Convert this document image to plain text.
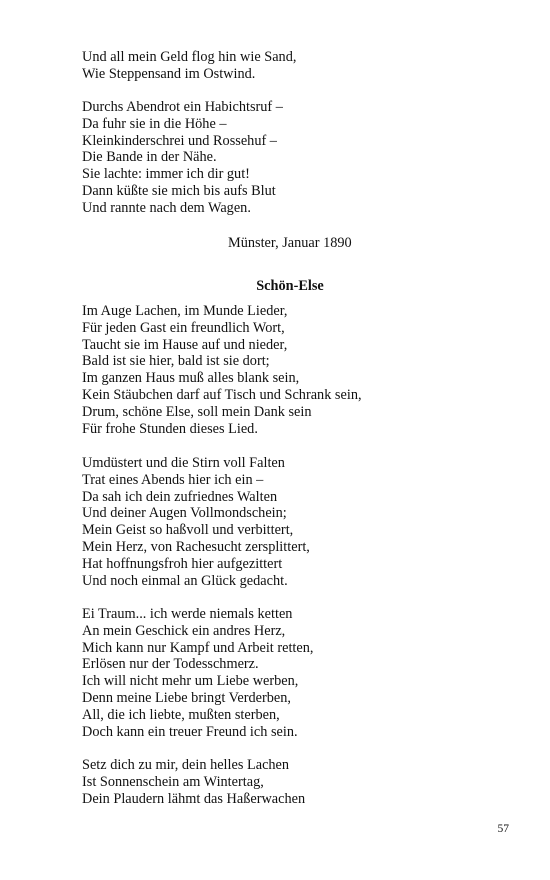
Und all mein Geld flog hin wie Sand,
Wie Steppensand im Ostwind.
Durchs Abendrot ein Habichtsruf –
Da fuhr sie in die Höhe –
Kleinkinderschrei und Rossehuf –
Die Bande in der Nähe.
Sie lachte: immer ich dir gut!
Dann küßte sie mich bis aufs Blut
Und rannte nach dem Wagen.
Münster, Januar 1890
Schön-Else
Im Auge Lachen, im Munde Lieder,
Für jeden Gast ein freundlich Wort,
Taucht sie im Hause auf und nieder,
Bald ist sie hier, bald ist sie dort;
Im ganzen Haus muß alles blank sein,
Kein Stäubchen darf auf Tisch und Schrank sein,
Drum, schöne Else, soll mein Dank sein
Für frohe Stunden dieses Lied.
Umdüstert und die Stirn voll Falten
Trat eines Abends hier ich ein –
Da sah ich dein zufriednes Walten
Und deiner Augen Vollmondschein;
Mein Geist so haßvoll und verbittert,
Mein Herz, von Rachesucht zersplittert,
Hat hoffnungsfroh hier aufgezittert
Und noch einmal an Glück gedacht.
Ei Traum... ich werde niemals ketten
An mein Geschick ein andres Herz,
Mich kann nur Kampf und Arbeit retten,
Erlösen nur der Todesschmerz.
Ich will nicht mehr um Liebe werben,
Denn meine Liebe bringt Verderben,
All, die ich liebte, mußten sterben,
Doch kann ein treuer Freund ich sein.
Setz dich zu mir, dein helles Lachen
Ist Sonnenschein am Wintertag,
Dein Plaudern lähmt das Haßerwachen
57
